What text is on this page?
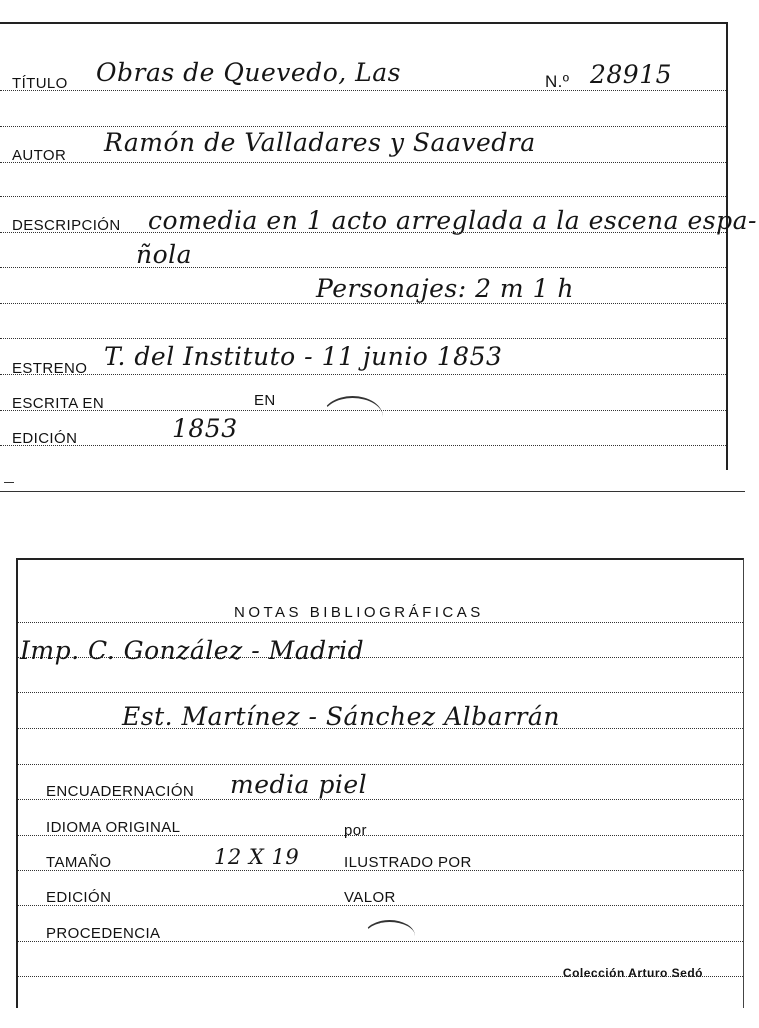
TÍTULO Obras de Quevedo, Las	N.º 28915
AUTOR Ramón de Valladares y Saavedra
DESCRIPCIÓN comedia en 1 acto arreglada a la escena espa-
ñola
Personajes: 2 m 1 h
ESTRENO T. del Instituto - 11 junio 1853
ESCRITA EN	EN
EDICIÓN	1853
NOTAS BIBLIOGRÁFICAS
Imp. C. González - Madrid
Est. Martínez - Sánchez Albarrán
ENCUADERNACIÓN media piel
IDIOMA ORIGINAL	por
TAMAÑO	12 X 19	ILUSTRADO POR
EDICIÓN	VALOR
PROCEDENCIA
Colección Arturo Sedó
